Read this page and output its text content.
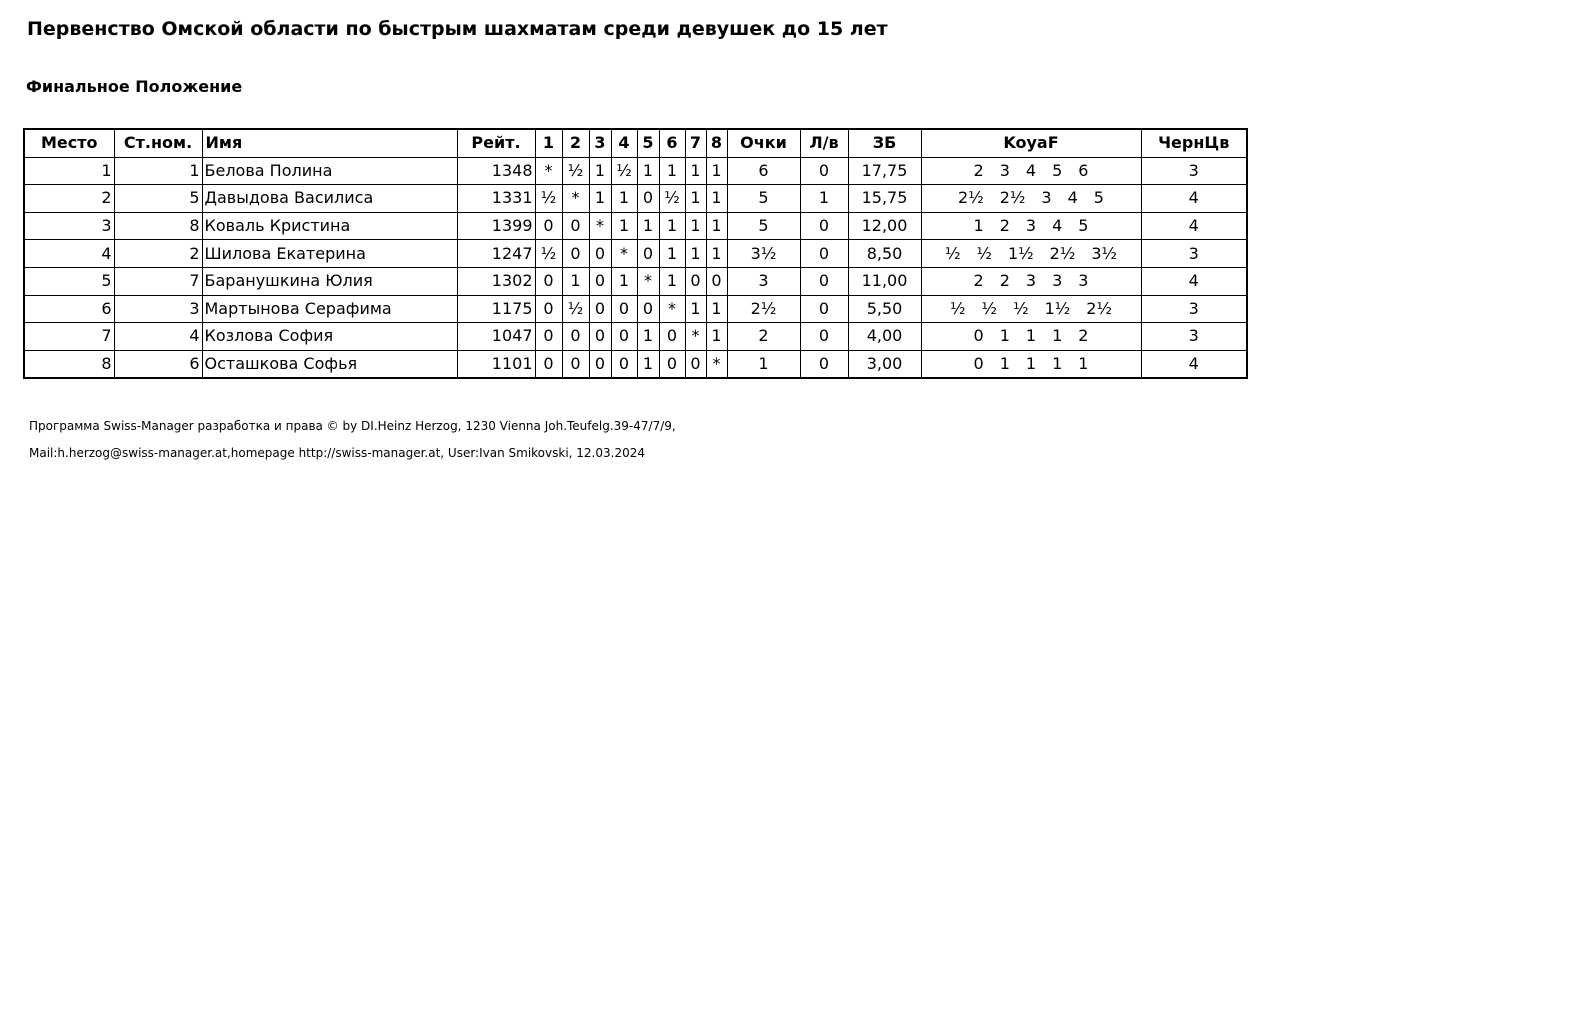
Первенство Омской области по быстрым шахматам среди девушек до 15 лет
Финальное Положение
Место	Ст.ном.	Имя	Рейт.	1	2	3	4	5	6	7	8	Очки	Л/в	ЗБ	KoyaF	ЧернЦв
1	1	Белова Полина	1348	*	½	1	½	1	1	1	1	6	0	17,75	2 3 4 5 6	3
2	5	Давыдова Василиса	1331	½	*	1	1	0	½	1	1	5	1	15,75	2½ 2½ 3 4 5	4
3	8	Коваль Кристина	1399	0	0	*	1	1	1	1	1	5	0	12,00	1 2 3 4 5	4
4	2	Шилова Екатерина	1247	½	0	0	*	0	1	1	1	3½	0	8,50	½ ½ 1½ 2½ 3½	3
5	7	Баранушкина Юлия	1302	0	1	0	1	*	1	0	0	3	0	11,00	2 2 3 3 3	4
6	3	Мартынова Серафима	1175	0	½	0	0	0	*	1	1	2½	0	5,50	½ ½ ½ 1½ 2½	3
7	4	Козлова София	1047	0	0	0	0	1	0	*	1	2	0	4,00	0 1 1 1 2	3
8	6	Осташкова Софья	1101	0	0	0	0	1	0	0	*	1	0	3,00	0 1 1 1 1	4
Программа Swiss-Manager разработка и права © by DI.Heinz Herzog, 1230 Vienna Joh.Teufelg.39-47/7/9,
Mail:h.herzog@swiss-manager.at,homepage http://swiss-manager.at, User:Ivan Smikovski, 12.03.2024
